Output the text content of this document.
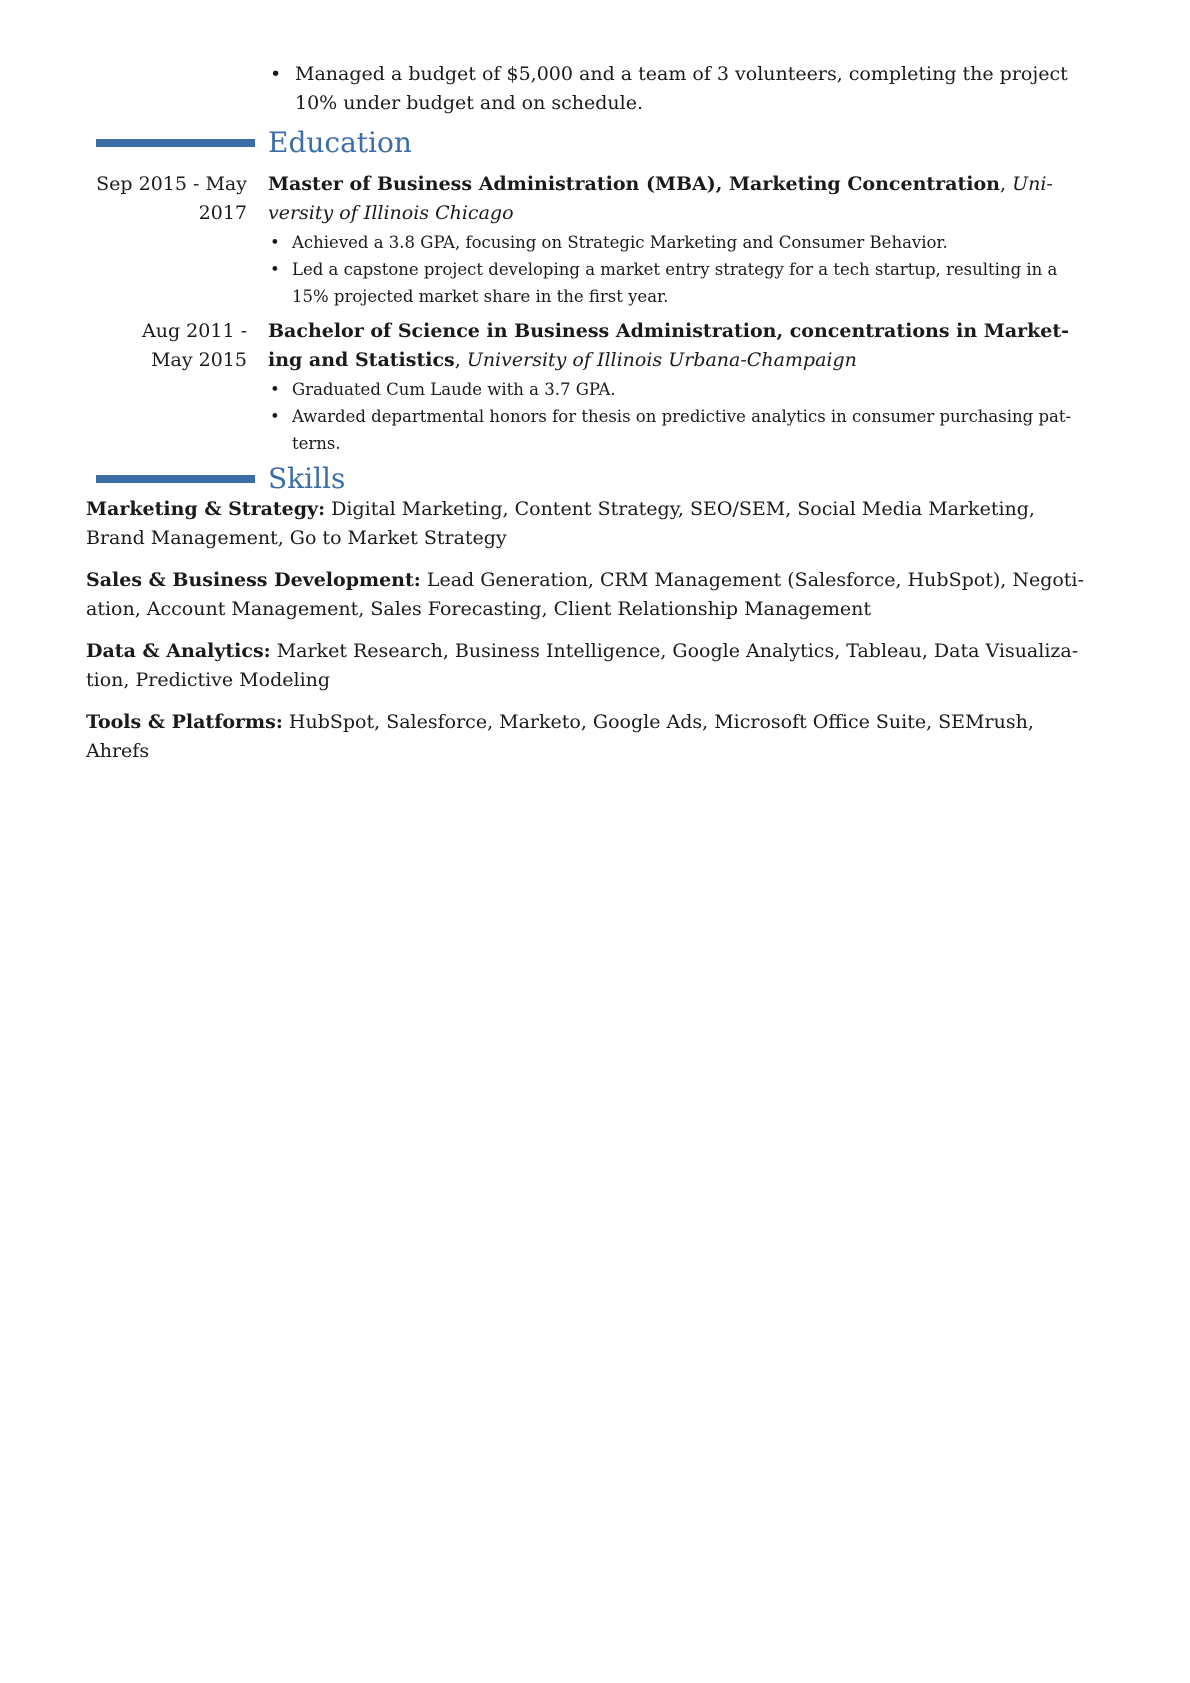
• Managed a budget of $5,000 and a team of 3 volunteers, completing the project
10% under budget and on schedule.
Education
Sep 2015 - May
2017
Master of Business Administration (MBA), Marketing Concentration, Uni-
versity of Illinois Chicago
• Achieved a 3.8 GPA, focusing on Strategic Marketing and Consumer Behavior.
• Led a capstone project developing a market entry strategy for a tech startup, resulting in a
15% projected market share in the first year.
Aug 2011 -
May 2015
Bachelor of Science in Business Administration, concentrations in Market-
ing and Statistics, University of Illinois Urbana-Champaign
• Graduated Cum Laude with a 3.7 GPA.
• Awarded departmental honors for thesis on predictive analytics in consumer purchasing pat-
terns.
Skills
Marketing & Strategy: Digital Marketing, Content Strategy, SEO/SEM, Social Media Marketing,
Brand Management, Go to Market Strategy
Sales & Business Development: Lead Generation, CRM Management (Salesforce, HubSpot), Negoti-
ation, Account Management, Sales Forecasting, Client Relationship Management
Data & Analytics: Market Research, Business Intelligence, Google Analytics, Tableau, Data Visualiza-
tion, Predictive Modeling
Tools & Platforms: HubSpot, Salesforce, Marketo, Google Ads, Microsoft Office Suite, SEMrush,
Ahrefs
